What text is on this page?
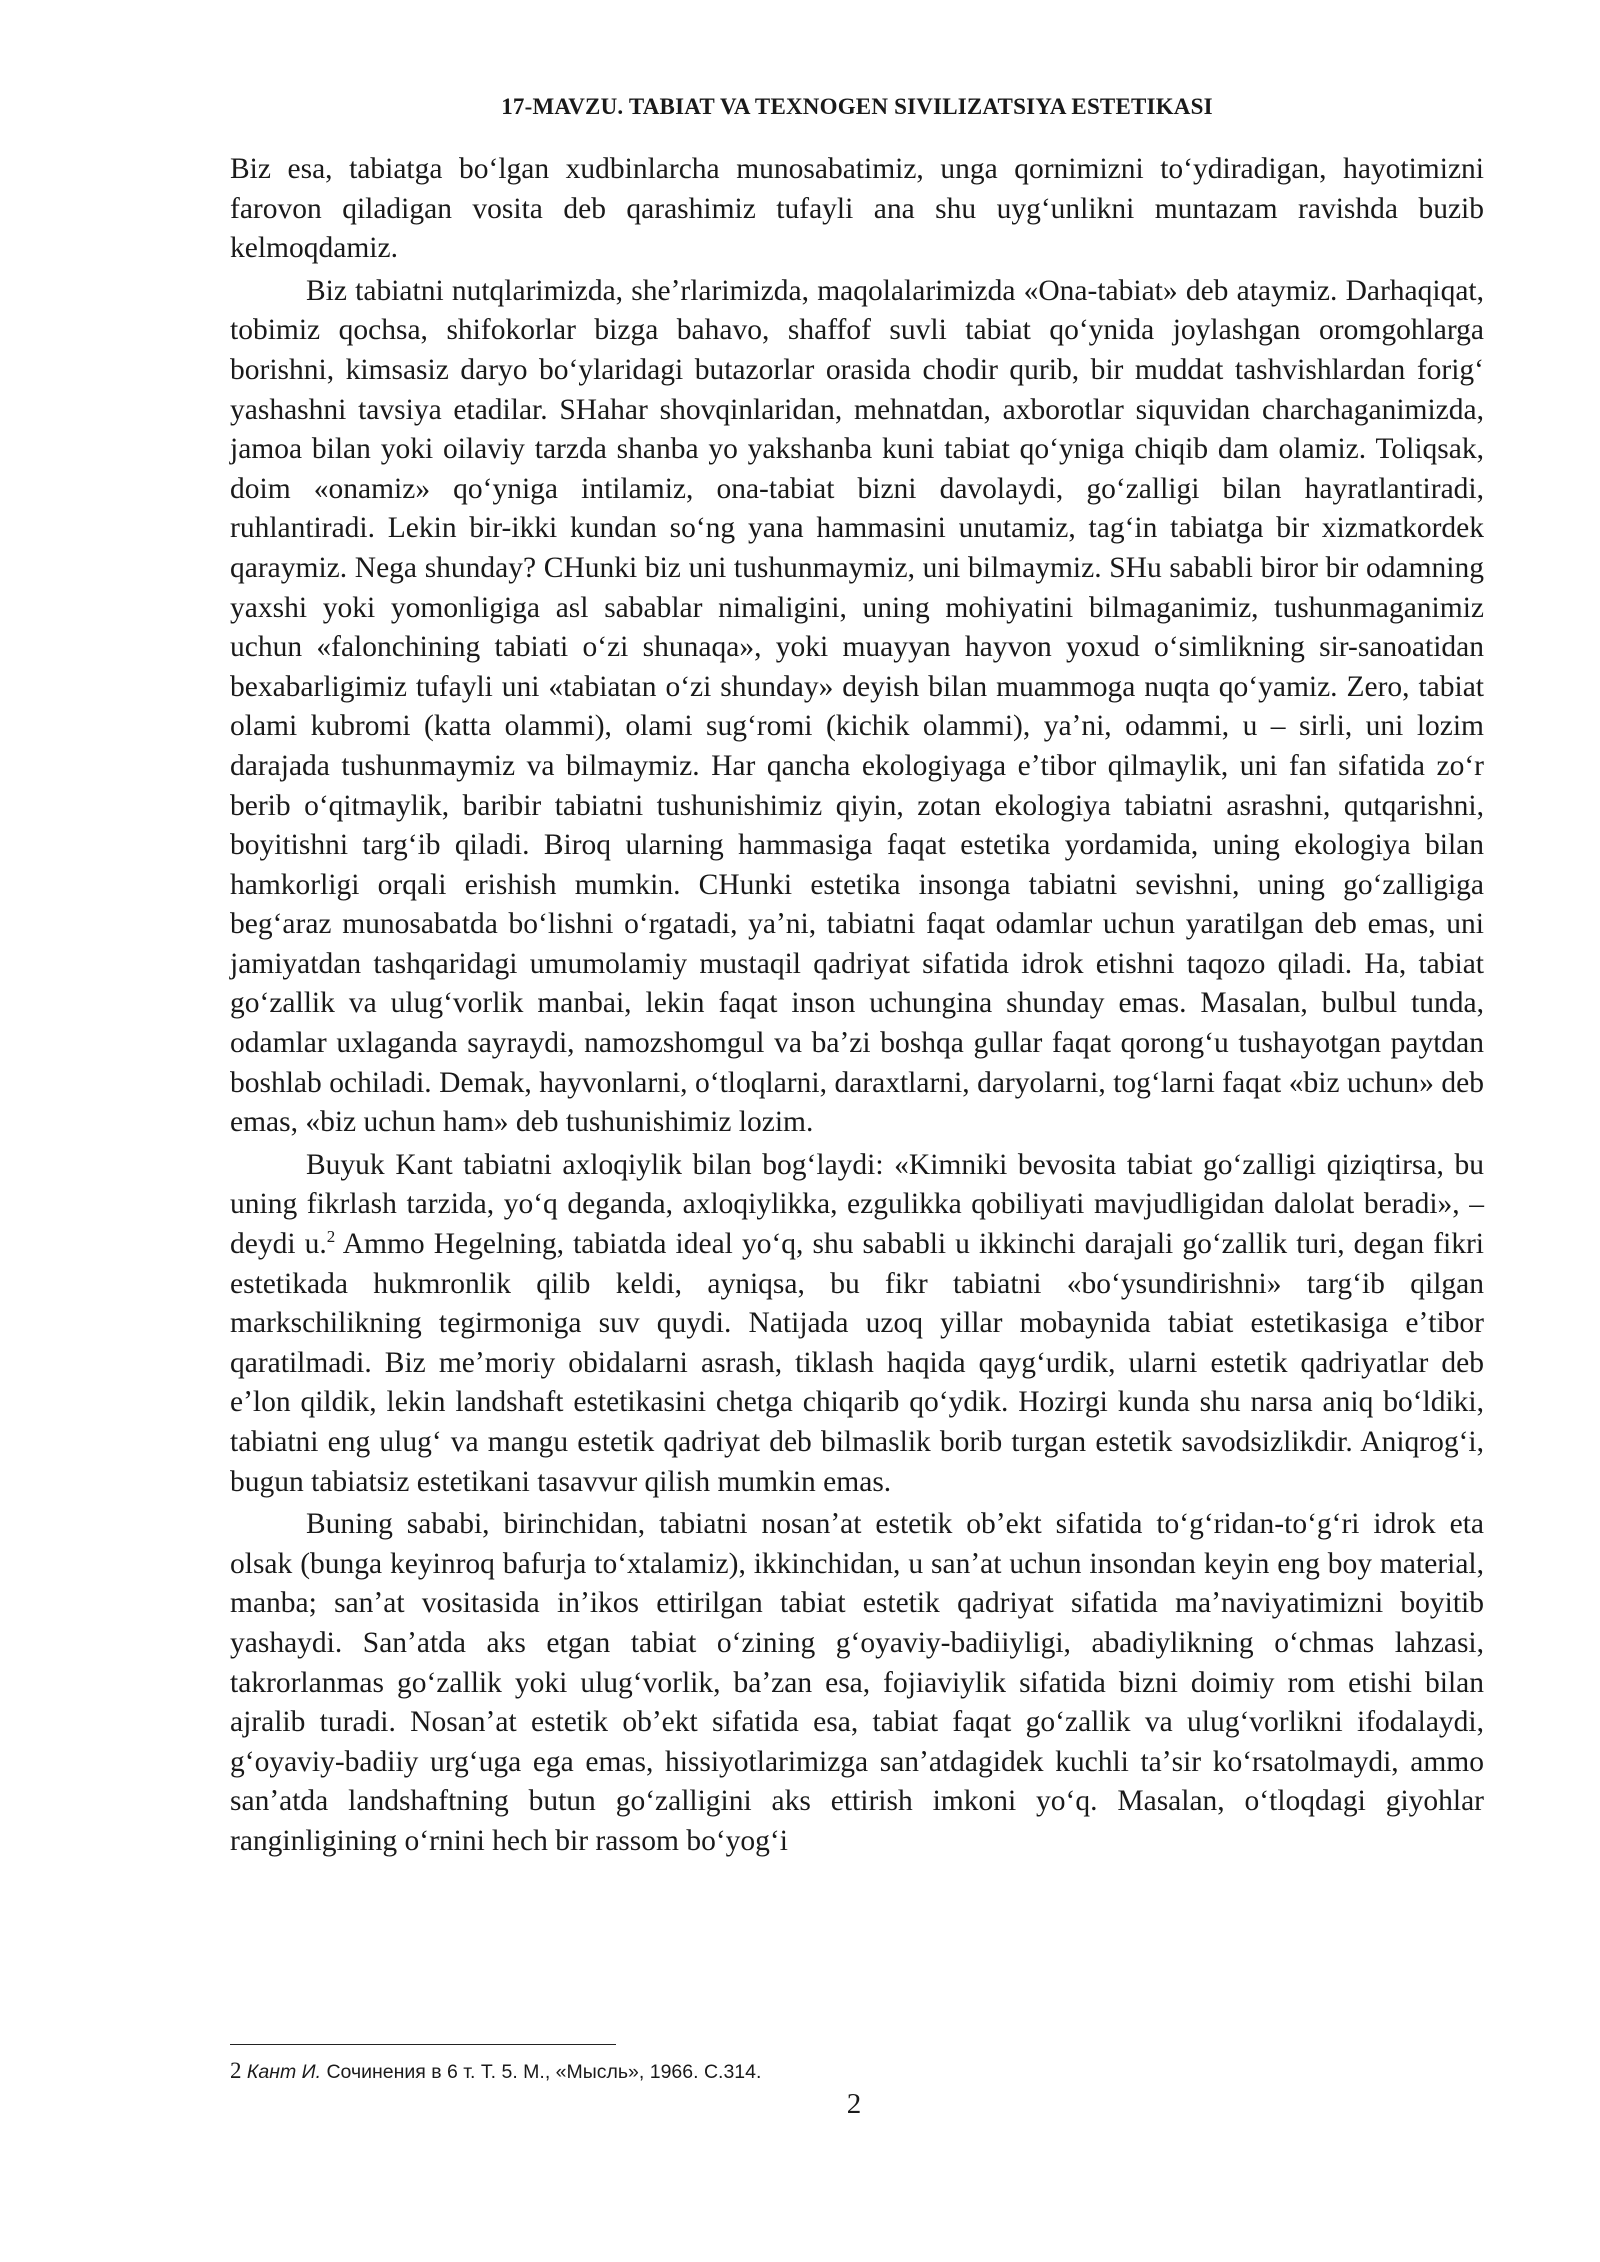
17-MAVZU. TABIAT VA TEXNOGEN SIVILIZATSIYA ESTETIKASI

Biz esa, tabiatga boʻlgan xudbinlarcha munosabatimiz, unga qornimizni toʻydiradigan, hayotimizni farovon qiladigan vosita deb qarashimiz tufayli ana shu uygʻunlikni muntazam ravishda buzib kelmoqdamiz.

Biz tabiatni nutqlarimizda, sheʼrlarimizda, maqolalarimizda «Ona-tabiat» deb ataymiz. Darhaqiqat, tobimiz qochsa, shifokorlar bizga bahavo, shaffof suvli tabiat qoʻynida joylashgan oromgohlarga borishni, kimsasiz daryo boʻylaridagi butazorlar orasida chodir qurib, bir muddat tashvishlardan forigʻ yashashni tavsiya etadilar. SHahar shovqinlaridan, mehnatdan, axborotlar siquvidan charchaganimizda, jamoa bilan yoki oilaviy tarzda shanba yo yakshanba kuni tabiat qoʻyniga chiqib dam olamiz. Toliqsak, doim «onamiz» qoʻyniga intilamiz, ona-tabiat bizni davolaydi, goʻzalligi bilan hayratlantiradi, ruhlantiradi. Lekin bir-ikki kundan soʻng yana hammasini unutamiz, tagʻin tabiatga bir xizmatkordek qaraymiz. Nega shunday? CHunki biz uni tushunmaymiz, uni bilmaymiz. SHu sababli biror bir odamning yaxshi yoki yomonligiga asl sabablar nimaligini, uning mohiyatini bilmaganimiz, tushunmaganimiz uchun «falonchining tabiati oʻzi shunaqa», yoki muayyan hayvon yoxud oʻsimlikning sir-sanoatidan bexabarligimiz tufayli uni «tabiatan oʻzi shunday» deyish bilan muammoga nuqta qoʻyamiz. Zero, tabiat olami kubromi (katta olammi), olami sugʻromi (kichik olammi), yaʼni, odammi, u – sirli, uni lozim darajada tushunmaymiz va bilmaymiz. Har qancha ekologiyaga eʼtibor qilmaylik, uni fan sifatida zoʻr berib oʻqitmaylik, baribir tabiatni tushunishimiz qiyin, zotan ekologiya tabiatni asrashni, qutqarishni, boyitishni targʻib qiladi. Biroq ularning hammasiga faqat estetika yordamida, uning ekologiya bilan hamkorligi orqali erishish mumkin. CHunki estetika insonga tabiatni sevishni, uning goʻzalligiga begʻaraz munosabatda boʻlishni oʻrgatadi, yaʼni, tabiatni faqat odamlar uchun yaratilgan deb emas, uni jamiyatdan tashqaridagi umumolamiy mustaqil qadriyat sifatida idrok etishni taqozo qiladi. Ha, tabiat goʻzallik va ulugʻvorlik manbai, lekin faqat inson uchungina shunday emas. Masalan, bulbul tunda, odamlar uxlaganda sayraydi, namozshomgul va baʼzi boshqa gullar faqat qorongʻu tushayotgan paytdan boshlab ochiladi. Demak, hayvonlarni, oʻtloqlarni, daraxtlarni, daryolarni, togʻlarni faqat «biz uchun» deb emas, «biz uchun ham» deb tushunishimiz lozim.

Buyuk Kant tabiatni axloqiylik bilan bogʻlaydi: «Kimniki bevosita tabiat goʻzalligi qiziqtirsa, bu uning fikrlash tarzida, yoʻq deganda, axloqiylikka, ezgulikka qobiliyati mavjudligidan dalolat beradi», – deydi u.$^2$ Ammo Hegelning, tabiatda ideal yoʻq, shu sababli u ikkinchi darajali goʻzallik turi, degan fikri estetikada hukmronlik qilib keldi, ayniqsa, bu fikr tabiatni «boʻysundirishni» targʻib qilgan markschilikning tegirmoniga suv quydi. Natijada uzoq yillar mobaynida tabiat estetikasiga eʼtibor qaratilmadi. Biz meʼmoriy obidalarni asrash, tiklash haqida qaygʻurdik, ularni estetik qadriyatlar deb eʼlon qildik, lekin landshaft estetikasini chetga chiqarib qoʻydik. Hozirgi kunda shu narsa aniq boʻldiki, tabiatni eng ulugʻ va mangu estetik qadriyat deb bilmaslik borib turgan estetik savodsizlikdir. Aniqrogʻi, bugun tabiatsiz estetikani tasavvur qilish mumkin emas.

Buning sababi, birinchidan, tabiatni nosanʼat estetik obʼekt sifatida toʻgʻridan-toʻgʻri idrok eta olsak (bunga keyinroq bafurja toʻxtalamiz), ikkinchidan, u sanʼat uchun insondan keyin eng boy material, manba; sanʼat vositasida inʼikos ettirilgan tabiat estetik qadriyat sifatida maʼnaviyatimizni boyitib yashaydi. Sanʼatda aks etgan tabiat oʻzining gʻoyaviy-badiiyligi, abadiylikning oʻchmas lahzasi, takrorlanmas goʻzallik yoki ulugʻvorlik, baʼzan esa, fojiaviylik sifatida bizni doimiy rom etishi bilan ajralib turadi. Nosanʼat estetik obʼekt sifatida esa, tabiat faqat goʻzallik va ulugʻvorlikni ifodalaydi, gʻoyaviy-badiiy urgʻuga ega emas, hissiyotlarimizga sanʼatdagidek kuchli taʼsir koʻrsatolmaydi, ammo sanʼatda landshaftning butun goʻzalligini aks ettirish imkoni yoʻq. Masalan, oʻtloqdagi giyohlar ranginligining oʻrnini hech bir rassom boʻyogʻi

2 Кант И. Сочинения в 6 т. Т. 5. М., «Мысль», 1966. С.314.
2
